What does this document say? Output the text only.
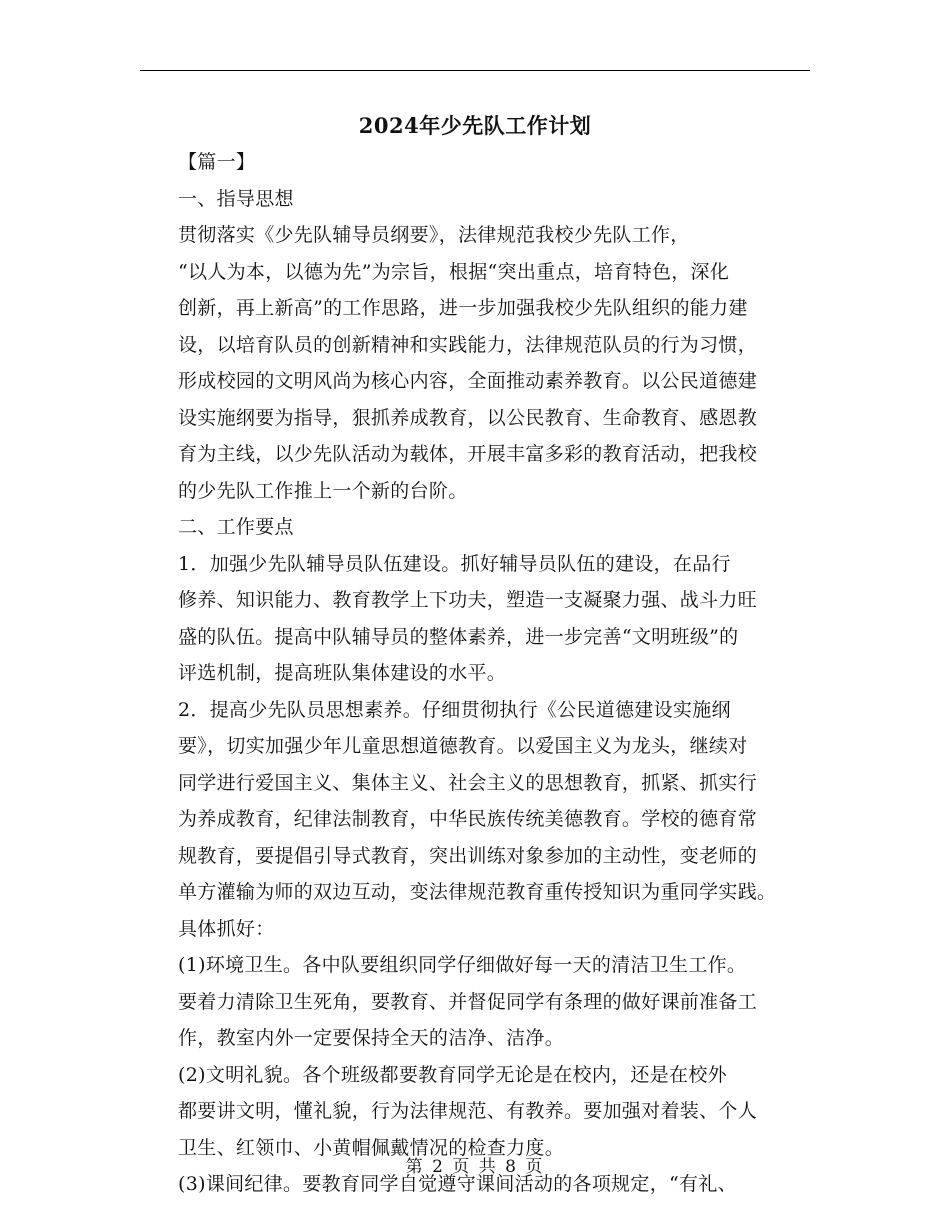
2024年少先队工作计划

【篇一】

一、指导思想

贯彻落实《少先队辅导员纲要》，法律规范我校少先队工作，
“以人为本，以德为先”为宗旨，根据“突出重点，培育特色，深化
创新，再上新高”的工作思路，进一步加强我校少先队组织的能力建
设，以培育队员的创新精神和实践能力，法律规范队员的行为习惯，
形成校园的文明风尚为核心内容，全面推动素养教育。以公民道德建
设实施纲要为指导，狠抓养成教育，以公民教育、生命教育、感恩教
育为主线，以少先队活动为载体，开展丰富多彩的教育活动，把我校
的少先队工作推上一个新的台阶。

二、工作要点

1．加强少先队辅导员队伍建设。抓好辅导员队伍的建设，在品行
修养、知识能力、教育教学上下功夫，塑造一支凝聚力强、战斗力旺
盛的队伍。提高中队辅导员的整体素养，进一步完善“文明班级”的
评选机制，提高班队集体建设的水平。

2．提高少先队员思想素养。仔细贯彻执行《公民道德建设实施纲
要》，切实加强少年儿童思想道德教育。以爱国主义为龙头，继续对
同学进行爱国主义、集体主义、社会主义的思想教育，抓紧、抓实行
为养成教育，纪律法制教育，中华民族传统美德教育。学校的德育常
规教育，要提倡引导式教育，突出训练对象参加的主动性，变老师的
单方灌输为师的双边互动，变法律规范教育重传授知识为重同学实践。
具体抓好：

(1)环境卫生。各中队要组织同学仔细做好每一天的清洁卫生工作。
要着力清除卫生死角，要教育、并督促同学有条理的做好课前准备工
作，教室内外一定要保持全天的洁净、洁净。

(2)文明礼貌。各个班级都要教育同学无论是在校内，还是在校外
都要讲文明，懂礼貌，行为法律规范、有教养。要加强对着装、个人
卫生、红领巾、小黄帽佩戴情况的检查力度。

(3)课间纪律。要教育同学自觉遵守课间活动的各项规定，“有礼、

第 2 页 共 8 页
